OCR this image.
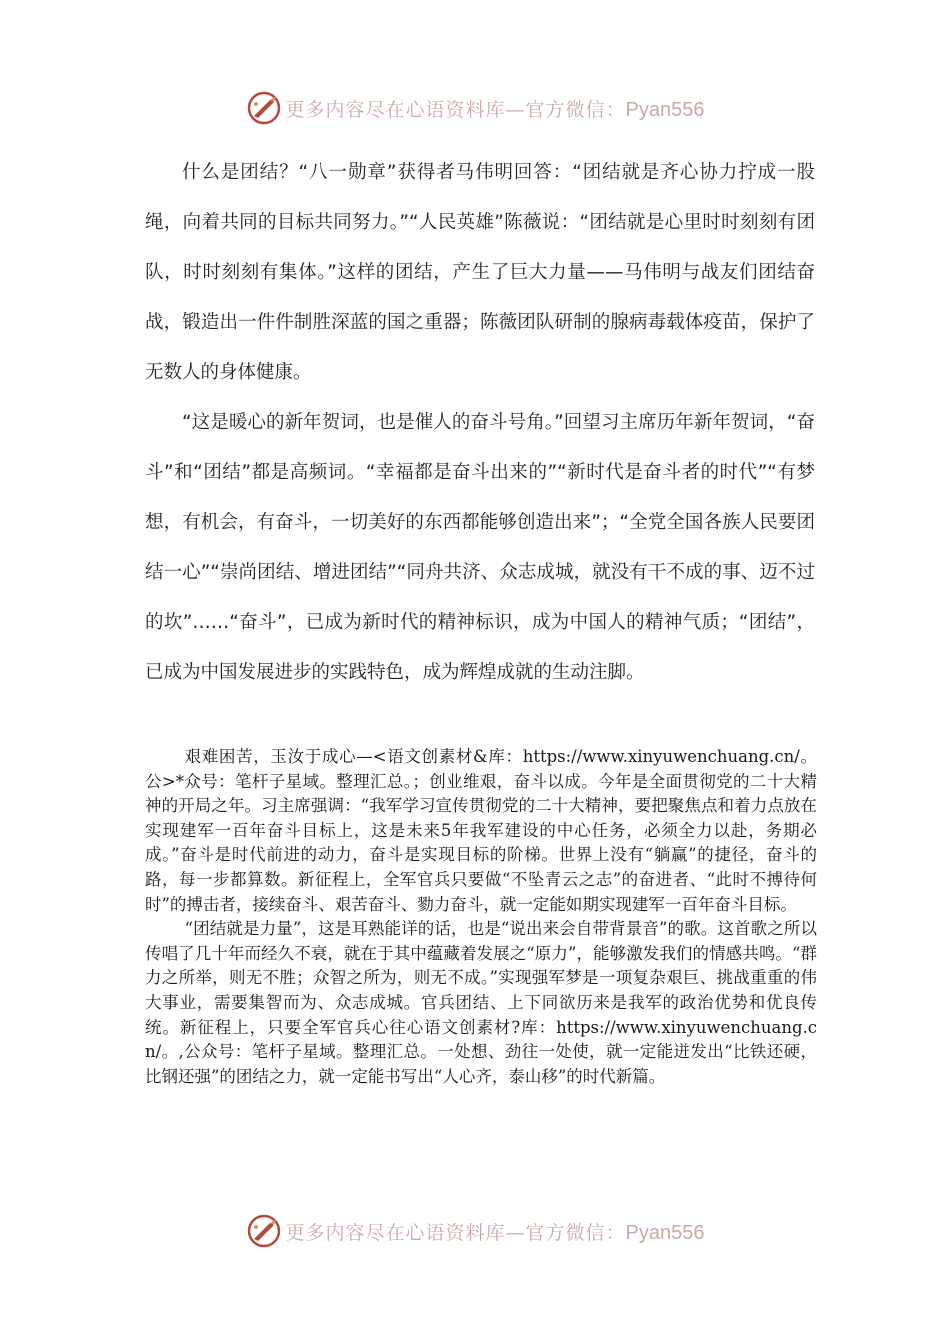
更多内容尽在心语资料库—官方微信：Pyan556

什么是团结？“八一勋章”获得者马伟明回答：“团结就是齐心协力拧成一股绳，向着共同的目标共同努力。”“人民英雄”陈薇说：“团结就是心里时时刻刻有团队，时时刻刻有集体。”这样的团结，产生了巨大力量——马伟明与战友们团结奋战，锻造出一件件制胜深蓝的国之重器；陈薇团队研制的腺病毒载体疫苗，保护了无数人的身体健康。

“这是暖心的新年贺词，也是催人的奋斗号角。”回望习主席历年新年贺词，“奋斗”和“团结”都是高频词。“幸福都是奋斗出来的”“新时代是奋斗者的时代”“有梦想，有机会，有奋斗，一切美好的东西都能够创造出来”；“全党全国各族人民要团结一心”“崇尚团结、增进团结”“同舟共济、众志成城，就没有干不成的事、迈不过的坎”……“奋斗”，已成为新时代的精神标识，成为中国人的精神气质；“团结”，已成为中国发展进步的实践特色，成为辉煌成就的生动注脚。

艰难困苦，玉汝于成心—<语文创素材&库：https://www.xinyuwenchuang.cn/。公>*众号：笔杆子星域。整理汇总。；创业维艰，奋斗以成。今年是全面贯彻党的二十大精神的开局之年。习主席强调：“我军学习宣传贯彻党的二十大精神，要把聚焦点和着力点放在实现建军一百年奋斗目标上，这是未来5年我军建设的中心任务，必须全力以赴，务期必成。”奋斗是时代前进的动力，奋斗是实现目标的阶梯。世界上没有“躺赢”的捷径，奋斗的路，每一步都算数。新征程上，全军官兵只要做“不坠青云之志”的奋进者、“此时不搏待何时”的搏击者，接续奋斗、艰苦奋斗、勠力奋斗，就一定能如期实现建军一百年奋斗目标。

“团结就是力量”，这是耳熟能详的话，也是“说出来会自带背景音”的歌。这首歌之所以传唱了几十年而经久不衰，就在于其中蕴藏着发展之“原力”，能够激发我们的情感共鸣。“群力之所举，则无不胜；众智之所为，则无不成。”实现强军梦是一项复杂艰巨、挑战重重的伟大事业，需要集智而为、众志成城。官兵团结、上下同欲历来是我军的政治优势和优良传统。新征程上，只要全军官兵心往心语文创素材?库：https://www.xinyuwenchuang.cn/。,公众号：笔杆子星域。整理汇总。一处想、劲往一处使，就一定能迸发出“比铁还硬，比钢还强”的团结之力，就一定能书写出“人心齐，泰山移”的时代新篇。

更多内容尽在心语资料库—官方微信：Pyan556
